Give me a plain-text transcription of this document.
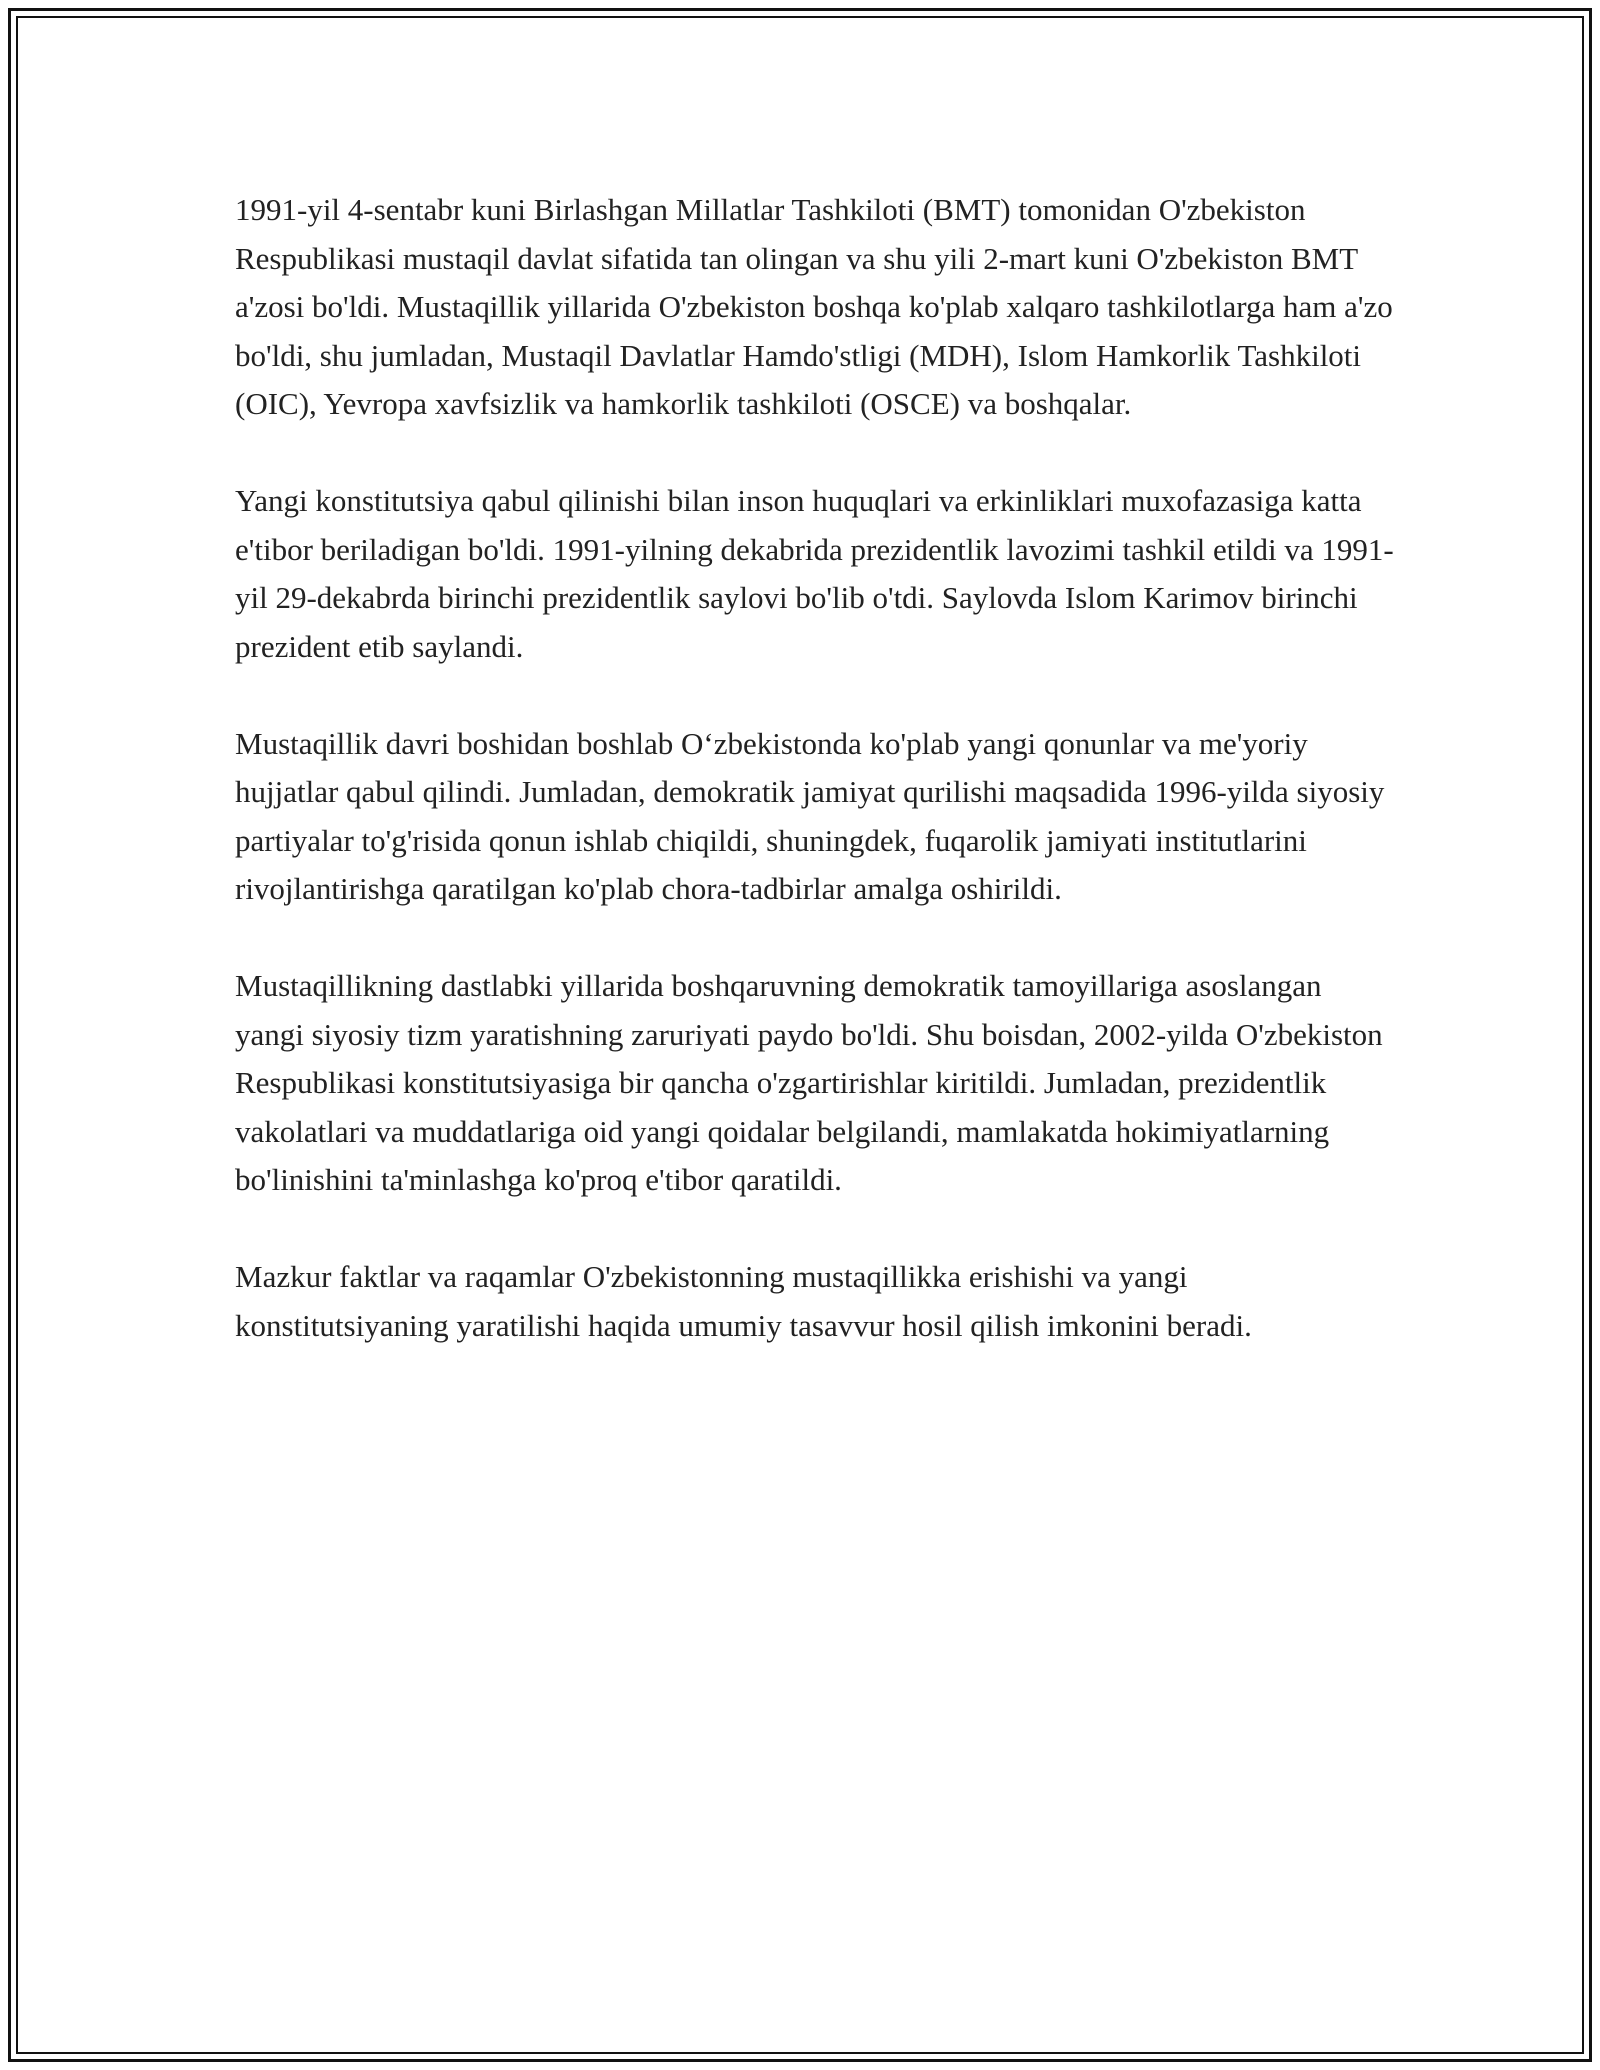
1991-yil 4-sentabr kuni Birlashgan Millatlar Tashkiloti (BMT) tomonidan O'zbekiston Respublikasi mustaqil davlat sifatida tan olingan va shu yili 2-mart kuni O'zbekiston BMT a'zosi bo'ldi. Mustaqillik yillarida O'zbekiston boshqa ko'plab xalqaro tashkilotlarga ham a'zo bo'ldi, shu jumladan, Mustaqil Davlatlar Hamdo'stligi (MDH), Islom Hamkorlik Tashkiloti (OIC), Yevropa xavfsizlik va hamkorlik tashkiloti (OSCE) va boshqalar.

Yangi konstitutsiya qabul qilinishi bilan inson huquqlari va erkinliklari muxofazasiga katta e'tibor beriladigan bo'ldi. 1991-yilning dekabrida prezidentlik lavozimi tashkil etildi va 1991-yil 29-dekabrda birinchi prezidentlik saylovi bo'lib o'tdi. Saylovda Islom Karimov birinchi prezident etib saylandi.

Mustaqillik davri boshidan boshlab O‘zbekistonda ko'plab yangi qonunlar va me'yoriy hujjatlar qabul qilindi. Jumladan, demokratik jamiyat qurilishi maqsadida 1996-yilda siyosiy partiyalar to'g'risida qonun ishlab chiqildi, shuningdek, fuqarolik jamiyati institutlarini rivojlantirishga qaratilgan ko'plab chora-tadbirlar amalga oshirildi.

Mustaqillikning dastlabki yillarida boshqaruvning demokratik tamoyillariga asoslangan yangi siyosiy tizm yaratishning zaruriyati paydo bo'ldi. Shu boisdan, 2002-yilda O'zbekiston Respublikasi konstitutsiyasiga bir qancha o'zgartirishlar kiritildi. Jumladan, prezidentlik vakolatlari va muddatlariga oid yangi qoidalar belgilandi, mamlakatda hokimiyatlarning bo'linishini ta'minlashga ko'proq e'tibor qaratildi.

Mazkur faktlar va raqamlar O'zbekistonning mustaqillikka erishishi va yangi konstitutsiyaning yaratilishi haqida umumiy tasavvur hosil qilish imkonini beradi.
